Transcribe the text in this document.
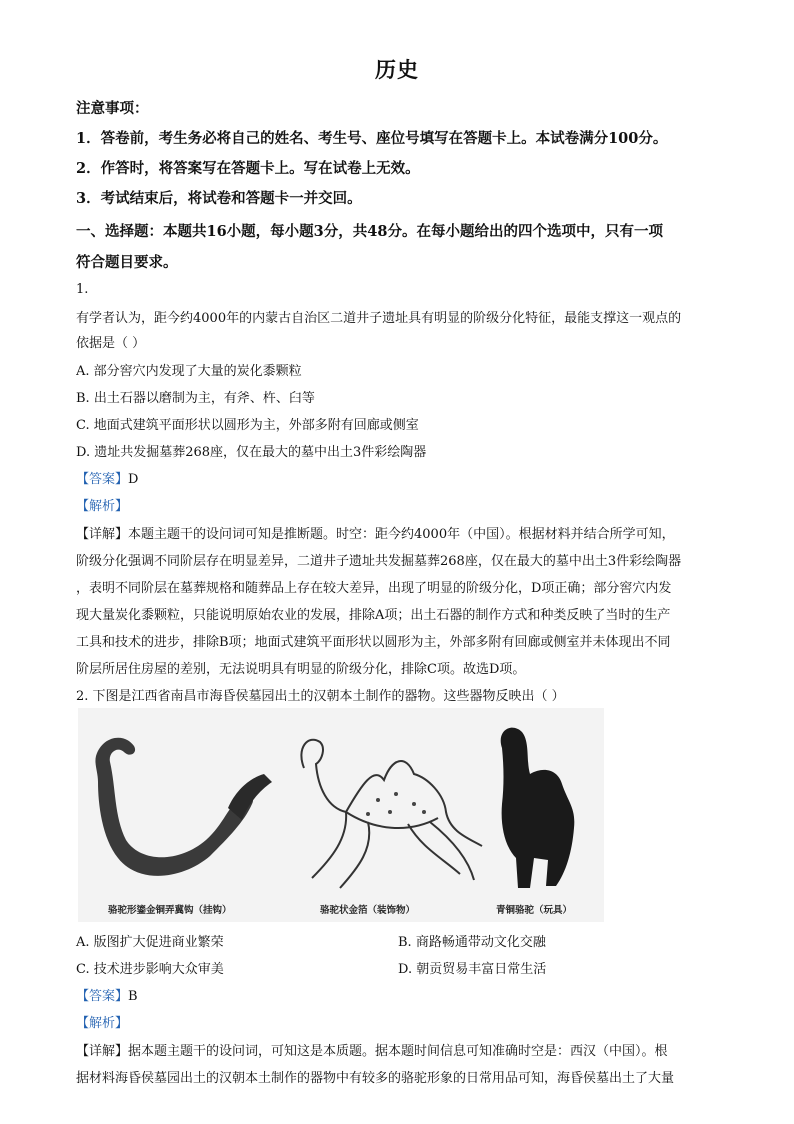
历史
注意事项：
1．答卷前，考生务必将自己的姓名、考生号、座位号填写在答题卡上。本试卷满分100分。
2．作答时，将答案写在答题卡上。写在试卷上无效。
3．考试结束后，将试卷和答题卡一并交回。
一、选择题：本题共16小题，每小题3分，共48分。在每小题给出的四个选项中，只有一项
符合题目要求。
1.
有学者认为，距今约4000年的内蒙古自治区二道井子遗址具有明显的阶级分化特征，最能支撑这一观点的
依据是（ ）
A. 部分窖穴内发现了大量的炭化黍颗粒
B. 出土石器以磨制为主，有斧、杵、臼等
C. 地面式建筑平面形状以圆形为主，外部多附有回廊或侧室
D. 遗址共发掘墓葬268座，仅在最大的墓中出土3件彩绘陶器
【答案】D
【解析】
【详解】本题主题干的设问词可知是推断题。时空：距今约4000年（中国）。根据材料并结合所学可知，
阶级分化强调不同阶层存在明显差异，二道井子遗址共发掘墓葬268座，仅在最大的墓中出土3件彩绘陶器
，表明不同阶层在墓葬规格和随葬品上存在较大差异，出现了明显的阶级分化，D项正确；部分窖穴内发
现大量炭化黍颗粒，只能说明原始农业的发展，排除A项；出土石器的制作方式和种类反映了当时的生产
工具和技术的进步，排除B项；地面式建筑平面形状以圆形为主，外部多附有回廊或侧室并未体现出不同
阶层所居住房屋的差别，无法说明具有明显的阶级分化，排除C项。故选D项。
2. 下图是江西省南昌市海昏侯墓园出土的汉朝本土制作的器物。这些器物反映出（ ）
骆驼形鎏金铜弄冀钩（挂钩）	骆驼状金箔（装饰物）	青铜骆驼（玩具）
A. 版图扩大促进商业繁荣	B. 商路畅通带动文化交融
C. 技术进步影响大众审美	D. 朝贡贸易丰富日常生活
【答案】B
【解析】
【详解】据本题主题干的设问词，可知这是本质题。据本题时间信息可知准确时空是：西汉（中国）。根
据材料海昏侯墓园出土的汉朝本土制作的器物中有较多的骆驼形象的日常用品可知，海昏侯墓出土了大量
